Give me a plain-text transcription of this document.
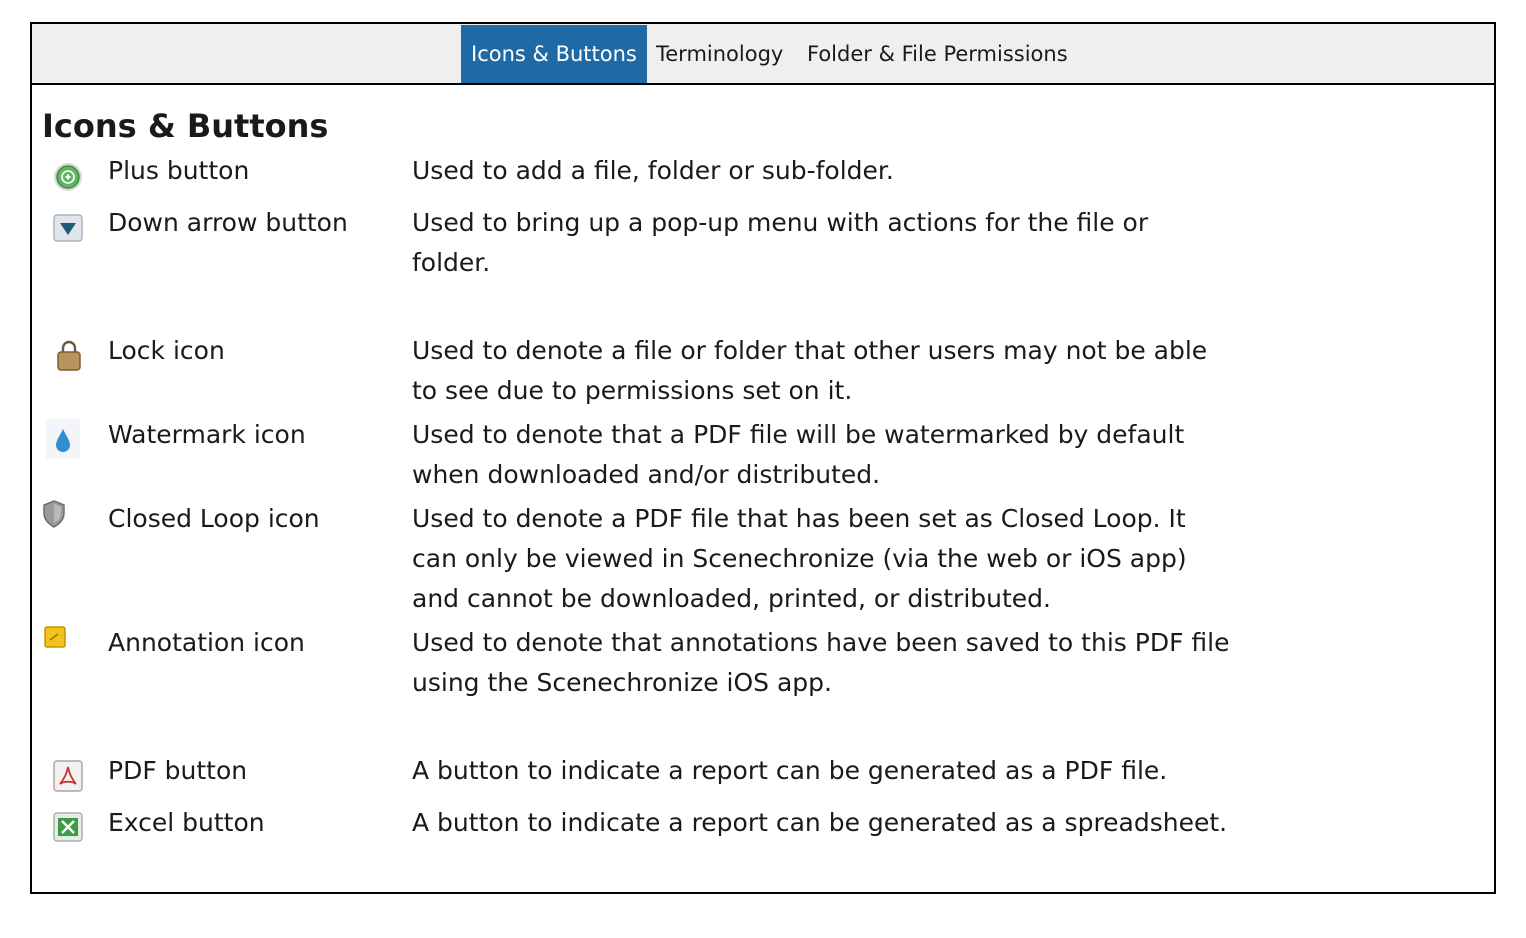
Icons & Buttons Terminology Folder & File Permissions
Icons & Buttons
Plus button	Used to add a file, folder or sub-folder.
Down arrow button	Used to bring up a pop-up menu with actions for the file or folder.
Lock icon	Used to denote a file or folder that other users may not be able to see due to permissions set on it.
Watermark icon	Used to denote that a PDF file will be watermarked by default when downloaded and/or distributed.
Closed Loop icon	Used to denote a PDF file that has been set as Closed Loop. It can only be viewed in Scenechronize (via the web or iOS app) and cannot be downloaded, printed, or distributed.
Annotation icon	Used to denote that annotations have been saved to this PDF file using the Scenechronize iOS app.
PDF button	A button to indicate a report can be generated as a PDF file.
Excel button	A button to indicate a report can be generated as a spreadsheet.
